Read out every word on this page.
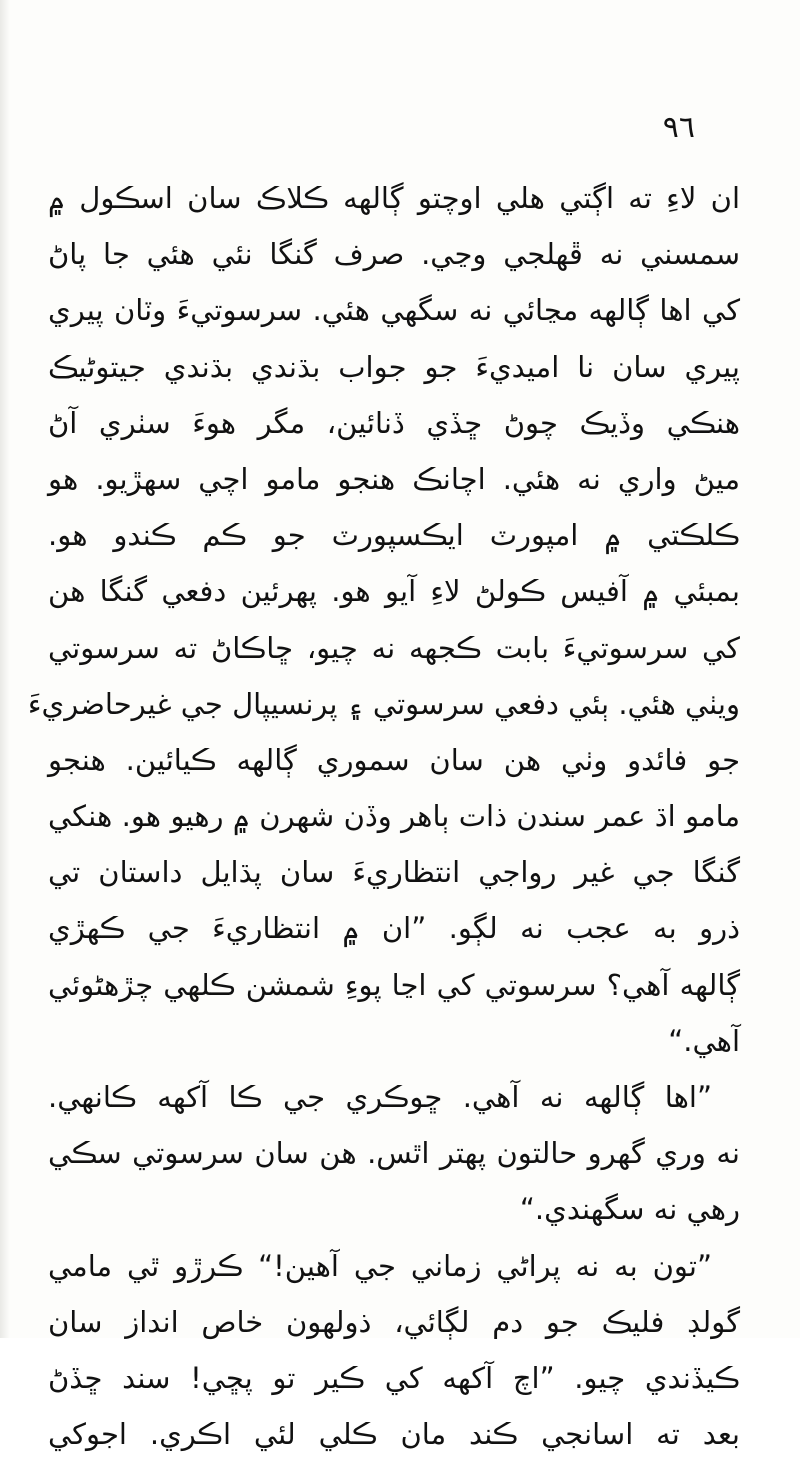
٩٦
ان لاءِ ته اڳتي هلي اوچتو ڳالهه ڪلاڪ سان اسڪول ۾
سمسني نه ڦهلجي وڃي. صرف گنگا نئي هئي جا پاڻ
کي اها ڳالهه مڃائي نه سگهي هئي. سرسوتيءَ وٽان پيري
پيري سان نا اميديءَ جو جواب بڌندي بڌندي جيتوڻيڪ
هنڪي وڏيڪ چوڻ ڇڏي ڏنائين، مگر هوءَ سٺري آڻ
ميڻ واري نه هئي. اچانڪ هنجو مامو اچي سهڙيو. هو
ڪلڪتي ۾ امپورٽ ايڪسپورٽ جو ڪم ڪندو هو.
بمبئي ۾ آفيس ڪولڻ لاءِ آيو هو. پهرئين دفعي گنگا هن
کي سرسوتيءَ بابت ڪجهه نه چيو، ڇاڪاڻ ته سرسوتي
ويٺي هئي. ٻئي دفعي سرسوتي ۽ پرنسيپال جي غيرحاضريءَ
جو فائدو وٺي هن سان سموري ڳالهه ڪيائين. هنجو
مامو اڌ عمر سندن ذات ٻاهر وڏن شهرن ۾ رهيو هو. هنکي
گنگا جي غير رواجي انتظاريءَ سان پڌايل داستان تي
ذرو به عجب نه لڳو. ”ان ۾ انتظاريءَ جي ڪهڙي
ڳالهه آهي؟ سرسوتي کي اڃا پوءِ شمشن ڪلهي چڙهڻوئي
آهي.“
”اها ڳالهه نه آهي. ڇوڪري جي ڪا آکهه ڪانهي.
نه وري گهرو حالتون پهتر اٿس. هن سان سرسوتي سڪي
رهي نه سگهندي.“
”تون به نه پراڻي زماني جي آهين!“ ڪرڙو ٿي مامي
گولڊ فليڪ جو دم لڳائي، ذولهون خاص انداز سان
ڪيڏندي چيو. ”اچ آکهه کي ڪير تو پڇي! سند ڇڏڻ
بعد ته اسانجي ڪند مان ڪلي لئي اڪري. اجوکي
